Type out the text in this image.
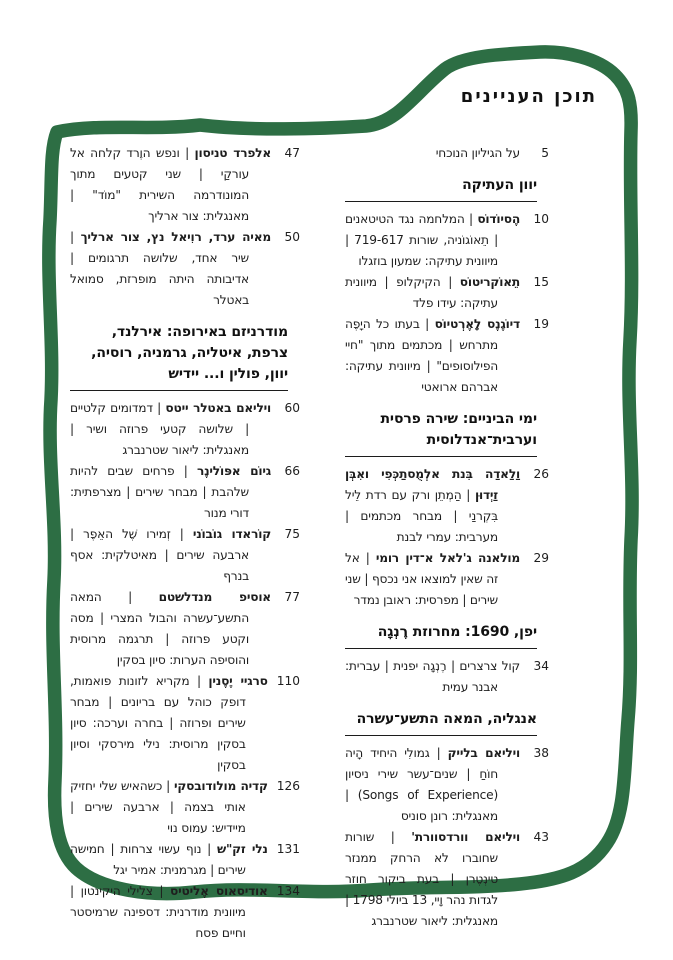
תוכן העניינים
5

על הגיליון הנוכחי

יוון העתיקה
10

הֶסיוֹדוֹס | המלחמה נגד הטיטאנים | תֵאוֹגוֹניה, שורות 719-617 | מיוונית עתיקה: שמעון בוזגלו

15

תֵאוֹקריטוֹס | הקיקלופ | מיוונית עתיקה: עידו פלד

19

דיוֹגֶנֶס לָאֶרְטיוֹס | בעתו כל היָפֶה מתרחש | מכתמים מתוך "חיי הפילוסופים" | מיוונית עתיקה: אברהם ארואטי

ימי הביניים: שירה פרסית וערבית־אנדלוסית
26

וַלַאדַה בִּנת אלְמֻסתַכְּפִי ואִבְּן זַיְדוּן | הַמְתֵן ורק עם רדת לֵיל בִּקְרנַי | מבחר מכתמים | מערבית: עמרי לבנת

29

מולאנה ג'לאל א־דין רומי | אל זה שאין למוצאו אני נכסף | שני שירים | מפרסית: ראובן נמדר

יפן, 1690: מחרוזת רֶנְגָה
34

קול צרצרים | רֶנְגָה יפנית | עברית: אבנר עמית

אנגליה, המאה התשע־עשרה
38

ויליאם בלייק | גמולִי היחיד הָיה חוֹחַ | שנים־עשר שירי ניסיון (Songs of Experience) | מאנגלית: רונן סוניס

43

ויליאם וורדסוורת' | שורות שחוברו לא הרחק ממנזר טינְטֶרן | בעת ביקור חוזר לגדות נהר וָיי, 13 ביולי 1798 | מאנגלית: ליאור שטרנברג

47

אלפרד טניסון | ונפש הוֶרד קלחה אל עורקַי | שני קטעים מתוך המונודרמה השירית "מוֹד" | מאנגלית: צור ארליך

50

מאיה ערד, רוִיאל נץ, צור ארליך | שיר אחד, שלושה תרגומים | אדיבותה היתה מופרזת, סמואל באטלר

מודרניזם באירופה: אירלנד, צרפת, איטליה, גרמניה, רוסיה, יוון, פולין ו... יידיש
60

ויליאם באטלר ייטס | דמדומים קלטיים | שלושה קטעי פרוזה ושיר | מאנגלית: ליאור שטרנברג

66

גיוֹם אפּוֹלינֶר | פרחים שבים להיות שלהבת | מבחר שירים | מצרפתית: דורי מנור

75

קוֹראדו גוֹבוֹני | זְמירו שֶׁל האֵפֶר | ארבעה שירים | מאיטלקית: אסף בנרף

77

אוסיפ מנדלשטם | המאה התשע־עשרה והבול המצרי | מסה וקטע פרוזה | תרגמה מרוסית והוסיפה הערות: סיון בסקין

110

סרגיי יֶסֶנין | מקריא לזונות פואמות, דופק כוהל עם בריונים | מבחר שירים ופרוזה | בחרה וערכה: סיון בסקין מרוסית: נילי מירסקי וסיון בסקין

126

קדיה מולודובסקי | כשהאיש שלי יחזיק אותי בצמה | ארבעה שירים | מיידיש: עמוס נוי

131

נלי זק"ש | נוף עשוי צרחות | חמישה שירים | מגרמנית: אמיר יגל

134

אודיסאוס אֶליטיס | צלילי היקינטון | מיוונית מודרנית: דספינה שרמיסטר וחיים פסח
